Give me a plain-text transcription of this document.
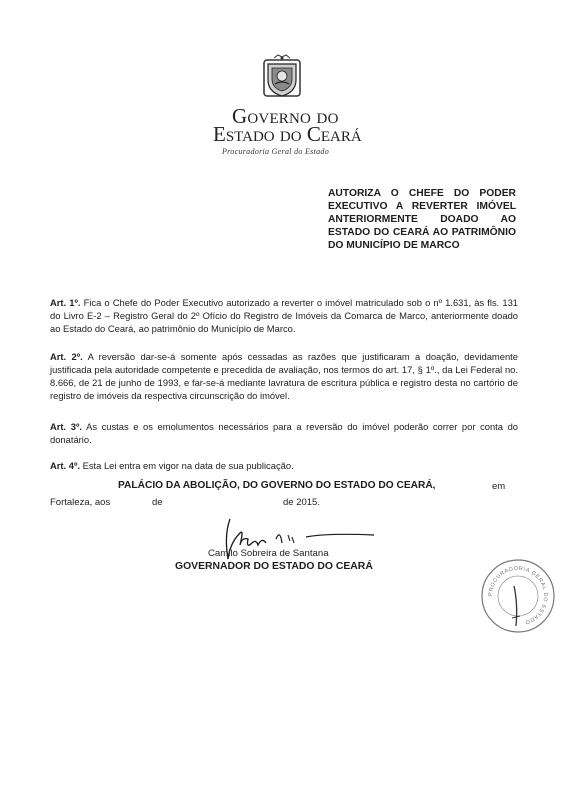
GOVERNO DO
ESTADO DO CEARÁ
Procuradoria Geral do Estado
AUTORIZA O CHEFE DO PODER EXECUTIVO A REVERTER IMÓVEL ANTERIORMENTE DOADO AO ESTADO DO CEARÁ AO PATRIMÔNIO DO MUNICÍPIO DE MARCO

Art. 1º. Fica o Chefe do Poder Executivo autorizado a reverter o imóvel matriculado sob o nº 1.631, às fls. 131 do Livro E-2 – Registro Geral do 2º Ofício do Registro de Imóveis da Comarca de Marco, anteriormente doado ao Estado do Ceará, ao patrimônio do Município de Marco.

Art. 2º. A reversão dar-se-á somente após cessadas as razões que justificaram a doação, devidamente justificada pela autoridade competente e precedida de avaliação, nos termos do art. 17, § 1º., da Lei Federal no. 8.666, de 21 de junho de 1993, e far-se-á mediante lavratura de escritura pública e registro desta no cartório de registro de imóveis da respectiva circunscrição do imóvel.

Art. 3º. As custas e os emolumentos necessários para a reversão do imóvel poderão correr por conta do donatário.

Art. 4º. Esta Lei entra em vigor na data de sua publicação.

PALÁCIO DA ABOLIÇÃO, DO GOVERNO DO ESTADO DO CEARÁ,	em
Fortaleza, aos	de	de 2015.
Camilo Sobreira de Santana
GOVERNADOR DO ESTADO DO CEARÁ
PROCURADORIA GERAL DO ESTADO
